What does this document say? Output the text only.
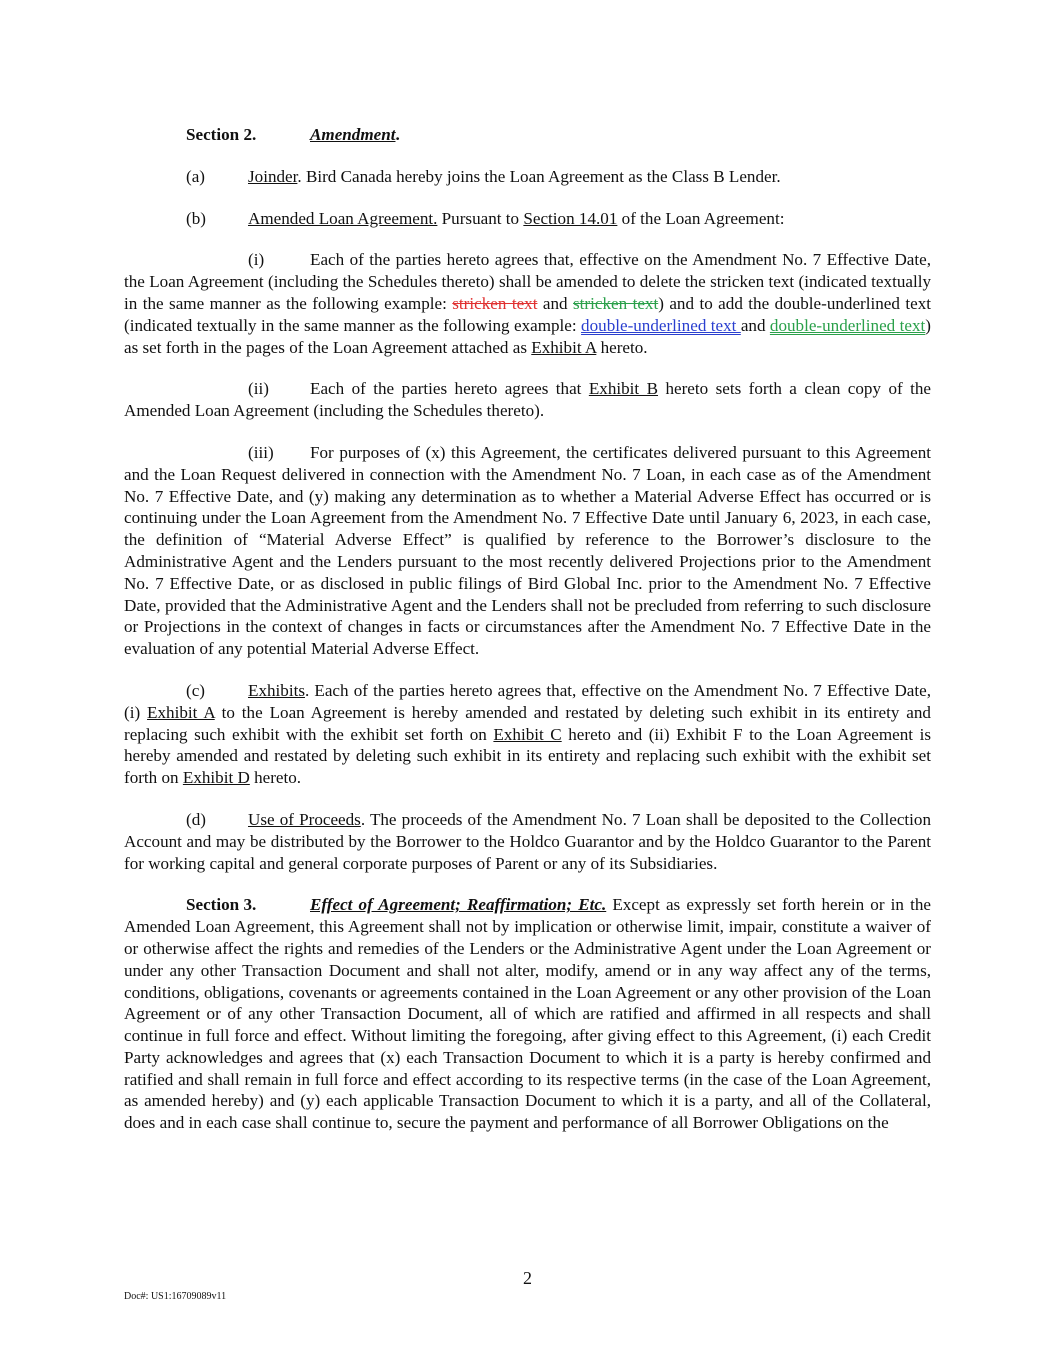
Section 2.	Amendment.

(a)	Joinder. Bird Canada hereby joins the Loan Agreement as the Class B Lender.

(b) Amended Loan Agreement. Pursuant to Section 14.01 of the Loan Agreement:

(i)	Each of the parties hereto agrees that, effective on the Amendment No. 7 Effective Date, the Loan Agreement (including the Schedules thereto) shall be amended to delete the stricken text (indicated textually in the same manner as the following example: stricken text and stricken text) and to add the double-underlined text (indicated textually in the same manner as the following example: double-underlined text and double-underlined text) as set forth in the pages of the Loan Agreement attached as Exhibit A hereto.

(ii) Each of the parties hereto agrees that Exhibit B hereto sets forth a clean copy of the Amended Loan Agreement (including the Schedules thereto).

(iii) For purposes of (x) this Agreement, the certificates delivered pursuant to this Agreement and the Loan Request delivered in connection with the Amendment No. 7 Loan, in each case as of the Amendment No. 7 Effective Date, and (y) making any determination as to whether a Material Adverse Effect has occurred or is continuing under the Loan Agreement from the Amendment No. 7 Effective Date until January 6, 2023, in each case, the definition of “Material Adverse Effect” is qualified by reference to the Borrower’s disclosure to the Administrative Agent and the Lenders pursuant to the most recently delivered Projections prior to the Amendment No. 7 Effective Date, or as disclosed in public filings of Bird Global Inc. prior to the Amendment No. 7 Effective Date, provided that the Administrative Agent and the Lenders shall not be precluded from referring to such disclosure or Projections in the context of changes in facts or circumstances after the Amendment No. 7 Effective Date in the evaluation of any potential Material Adverse Effect.

(c)	Exhibits. Each of the parties hereto agrees that, effective on the Amendment No. 7 Effective Date, (i) Exhibit A to the Loan Agreement is hereby amended and restated by deleting such exhibit in its entirety and replacing such exhibit with the exhibit set forth on Exhibit C hereto and (ii) Exhibit F to the Loan Agreement is hereby amended and restated by deleting such exhibit in its entirety and replacing such exhibit with the exhibit set forth on Exhibit D hereto.

(d) Use of Proceeds. The proceeds of the Amendment No. 7 Loan shall be deposited to the Collection Account and may be distributed by the Borrower to the Holdco Guarantor and by the Holdco Guarantor to the Parent for working capital and general corporate purposes of Parent or any of its Subsidiaries.

Section 3.	Effect of Agreement; Reaffirmation; Etc. Except as expressly set forth herein or in the Amended Loan Agreement, this Agreement shall not by implication or otherwise limit, impair, constitute a waiver of or otherwise affect the rights and remedies of the Lenders or the Administrative Agent under the Loan Agreement or under any other Transaction Document and shall not alter, modify, amend or in any way affect any of the terms, conditions, obligations, covenants or agreements contained in the Loan Agreement or any other provision of the Loan Agreement or of any other Transaction Document, all of which are ratified and affirmed in all respects and shall continue in full force and effect. Without limiting the foregoing, after giving effect to this Agreement, (i) each Credit Party acknowledges and agrees that (x) each Transaction Document to which it is a party is hereby confirmed and ratified and shall remain in full force and effect according to its respective terms (in the case of the Loan Agreement, as amended hereby) and (y) each applicable Transaction Document to which it is a party, and all of the Collateral, does and in each case shall continue to, secure the payment and performance of all Borrower Obligations on the

2
Doc#: US1:16709089v11
